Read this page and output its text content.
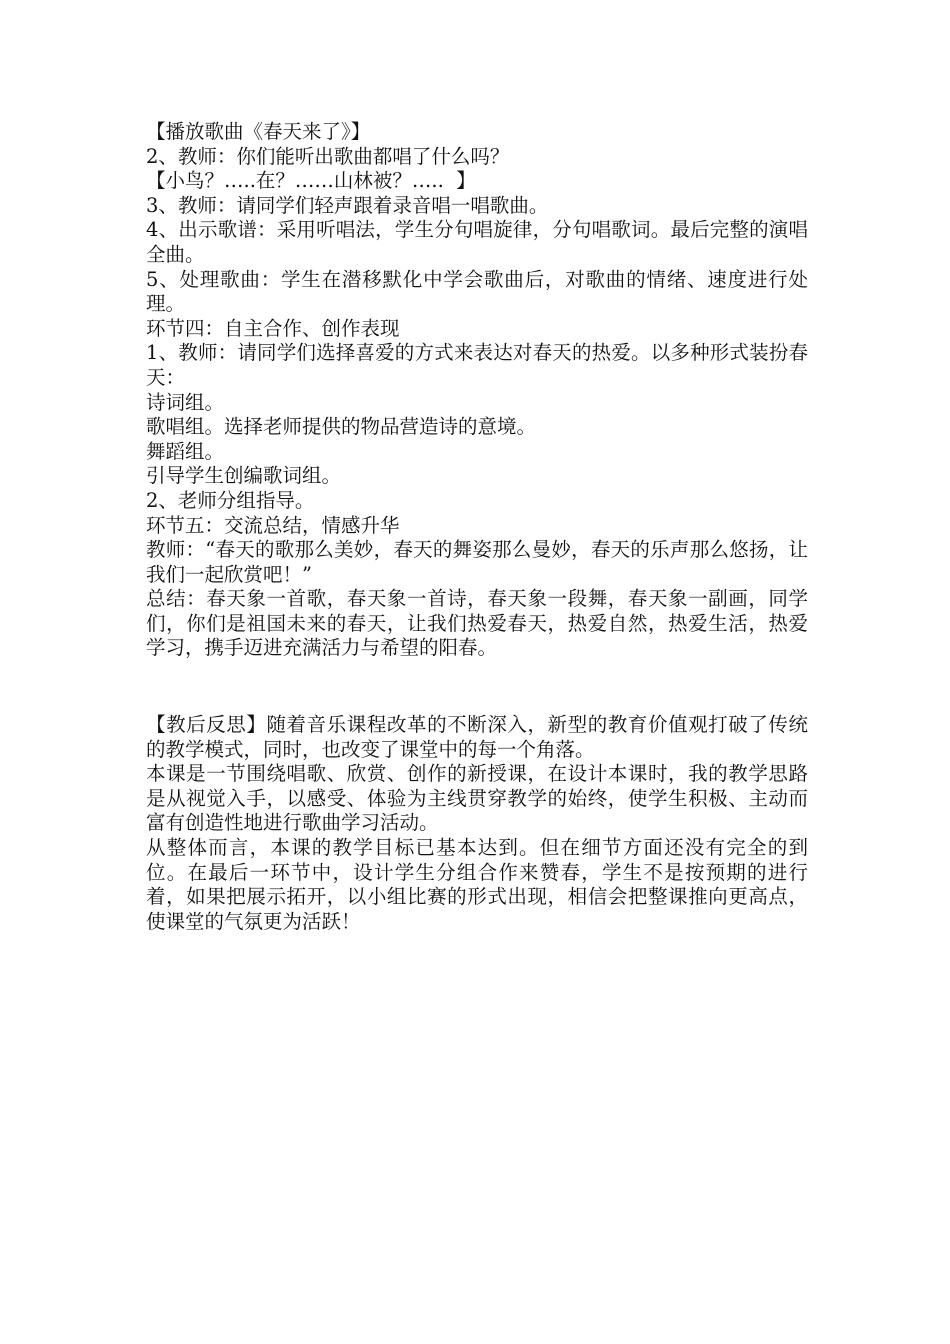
【播放歌曲《春天来了》】

2、教师：你们能听出歌曲都唱了什么吗？

【小鸟？…..在？……山林被？…..  】

3、教师：请同学们轻声跟着录音唱一唱歌曲。

4、出示歌谱：采用听唱法，学生分句唱旋律，分句唱歌词。最后完整的演唱全曲。

5、处理歌曲：学生在潜移默化中学会歌曲后，对歌曲的情绪、速度进行处理。

环节四：自主合作、创作表现

1、教师：请同学们选择喜爱的方式来表达对春天的热爱。以多种形式装扮春天：

诗词组。

歌唱组。选择老师提供的物品营造诗的意境。

舞蹈组。

引导学生创编歌词组。

2、老师分组指导。

环节五：交流总结，情感升华

教师：“春天的歌那么美妙，春天的舞姿那么曼妙，春天的乐声那么悠扬，让我们一起欣赏吧！”

总结：春天象一首歌，春天象一首诗，春天象一段舞，春天象一副画，同学们，你们是祖国未来的春天，让我们热爱春天，热爱自然，热爱生活，热爱学习，携手迈进充满活力与希望的阳春。

【教后反思】随着音乐课程改革的不断深入，新型的教育价值观打破了传统的教学模式，同时，也改变了课堂中的每一个角落。

本课是一节围绕唱歌、欣赏、创作的新授课，在设计本课时，我的教学思路是从视觉入手，以感受、体验为主线贯穿教学的始终，使学生积极、主动而富有创造性地进行歌曲学习活动。

从整体而言，本课的教学目标已基本达到。但在细节方面还没有完全的到位。在最后一环节中，设计学生分组合作来赞春，学生不是按预期的进行着，如果把展示拓开，以小组比赛的形式出现，相信会把整课推向更高点，使课堂的气氛更为活跃！
